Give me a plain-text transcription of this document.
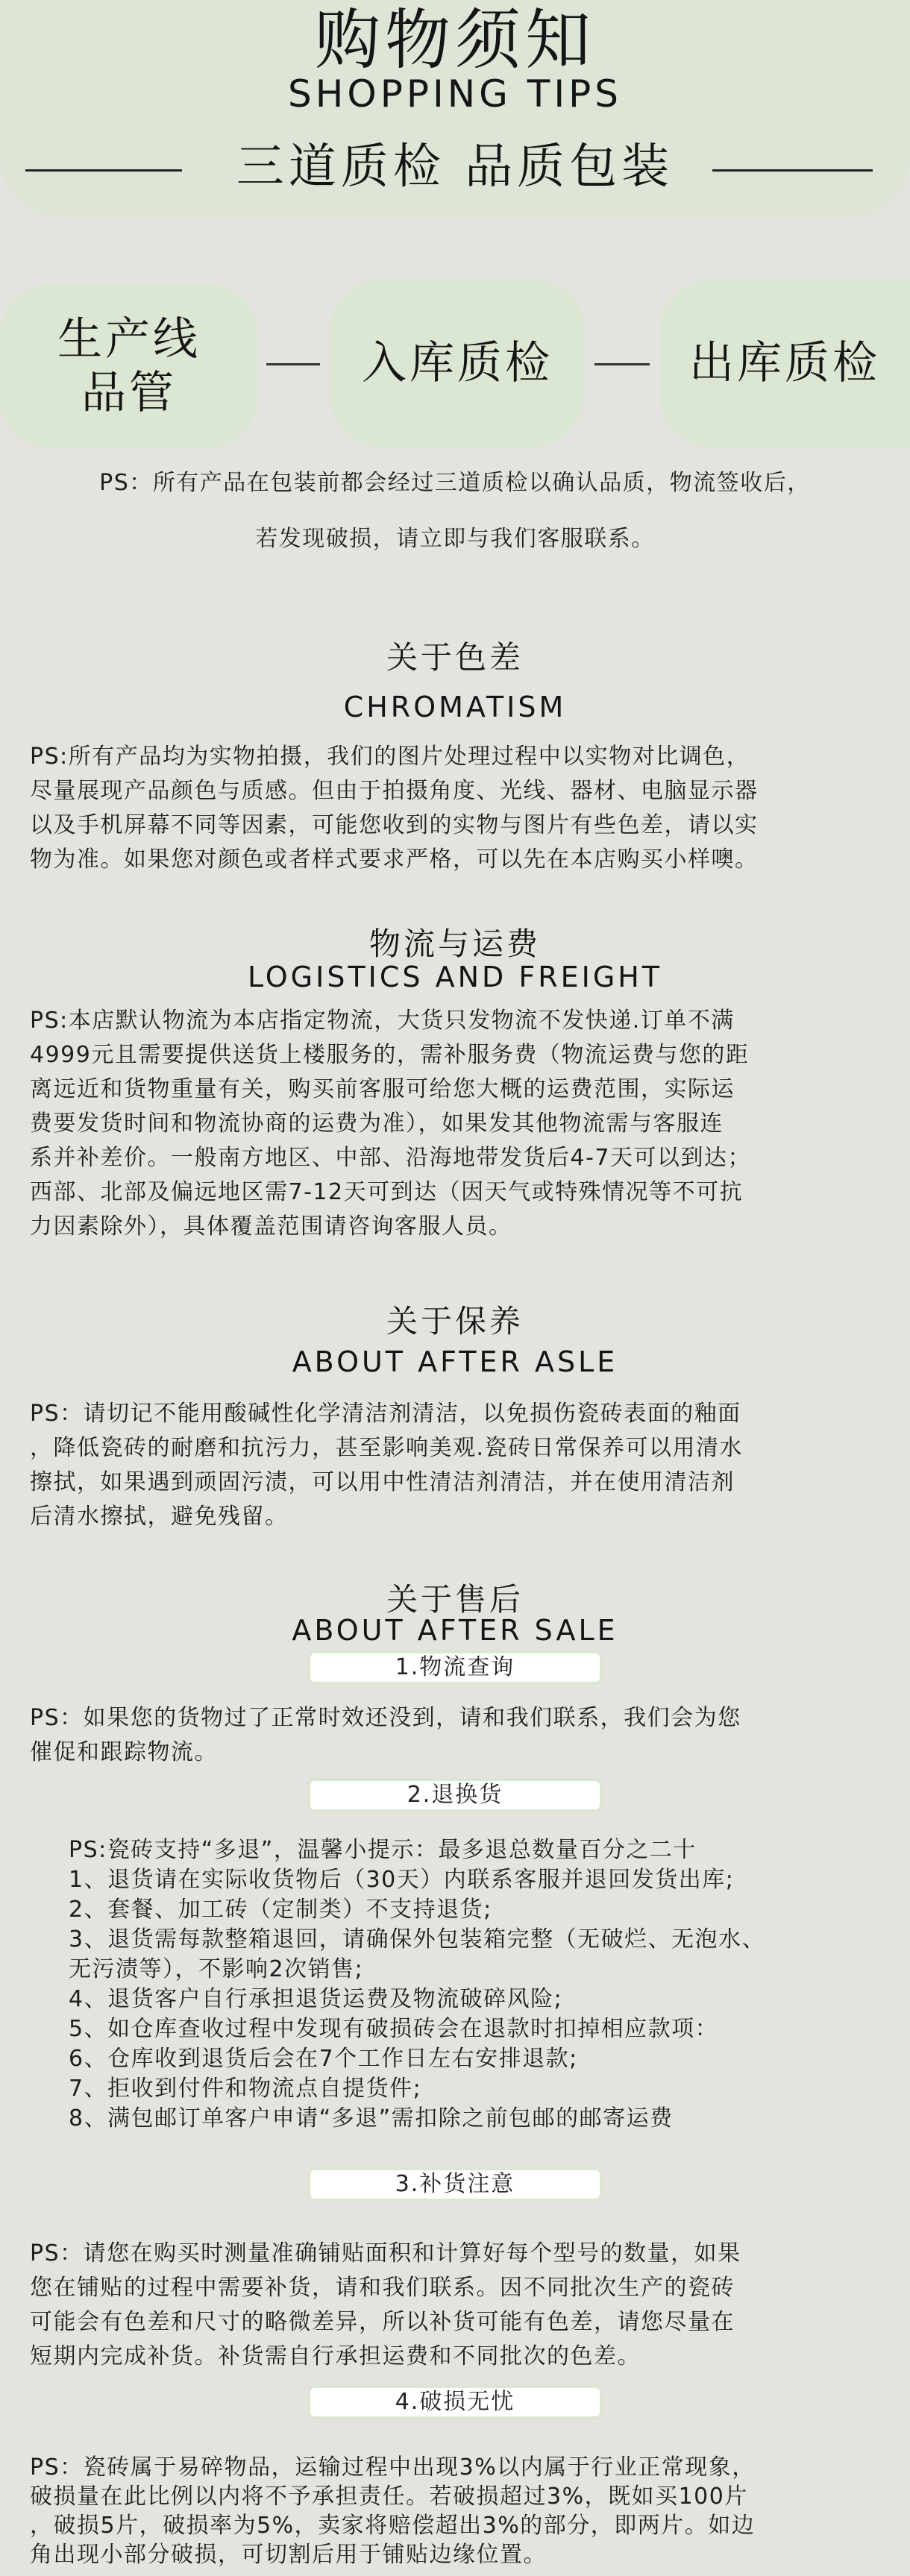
购物须知
SHOPPING TIPS
三道质检 品质包装
生产线品管
入库质检	出库质检
PS：所有产品在包装前都会经过三道质检以确认品质，物流签收后，
若发现破损，请立即与我们客服联系。
关于色差
CHROMATISM
PS:所有产品均为实物拍摄，我们的图片处理过程中以实物对比调色，
尽量展现产品颜色与质感。但由于拍摄角度、光线、器材、电脑显示器
以及手机屏幕不同等因素，可能您收到的实物与图片有些色差，请以实
物为准。如果您对颜色或者样式要求严格，可以先在本店购买小样噢。
物流与运费
LOGISTICS AND FREIGHT
PS:本店默认物流为本店指定物流，大货只发物流不发快递.订单不满
4999元且需要提供送货上楼服务的，需补服务费（物流运费与您的距
离远近和货物重量有关，购买前客服可给您大概的运费范围，实际运
费要发货时间和物流协商的运费为准），如果发其他物流需与客服连
系并补差价。一般南方地区、中部、沿海地带发货后4-7天可以到达；
西部、北部及偏远地区需7-12天可到达（因天气或特殊情况等不可抗
力因素除外），具体覆盖范围请咨询客服人员。
关于保养
ABOUT AFTER ASLE
PS：请切记不能用酸碱性化学清洁剂清洁，以免损伤瓷砖表面的釉面
，降低瓷砖的耐磨和抗污力，甚至影响美观.瓷砖日常保养可以用清水
擦拭，如果遇到顽固污渍，可以用中性清洁剂清洁，并在使用清洁剂
后清水擦拭，避免残留。
关于售后
ABOUT AFTER SALE
1.物流查询
PS：如果您的货物过了正常时效还没到，请和我们联系，我们会为您
催促和跟踪物流。
2.退换货
PS:瓷砖支持“多退”，温馨小提示：最多退总数量百分之二十
1、退货请在实际收货物后（30天）内联系客服并退回发货出库;
2、套餐、加工砖（定制类）不支持退货;
3、退货需每款整箱退回，请确保外包装箱完整（无破烂、无泡水、
无污渍等），不影响2次销售;
4、退货客户自行承担退货运费及物流破碎风险;
5、如仓库查收过程中发现有破损砖会在退款时扣掉相应款项：
6、仓库收到退货后会在7个工作日左右安排退款;
7、拒收到付件和物流点自提货件;
8、满包邮订单客户申请“多退”需扣除之前包邮的邮寄运费
3.补货注意
PS：请您在购买时测量准确铺贴面积和计算好每个型号的数量，如果
您在铺贴的过程中需要补货，请和我们联系。因不同批次生产的瓷砖
可能会有色差和尺寸的略微差异，所以补货可能有色差，请您尽量在
短期内完成补货。补货需自行承担运费和不同批次的色差。
4.破损无忧
PS：瓷砖属于易碎物品，运输过程中出现3%以内属于行业正常现象，
破损量在此比例以内将不予承担责任。若破损超过3%，既如买100片
，破损5片，破损率为5%，卖家将赔偿超出3%的部分，即两片。如边
角出现小部分破损，可切割后用于铺贴边缘位置。
